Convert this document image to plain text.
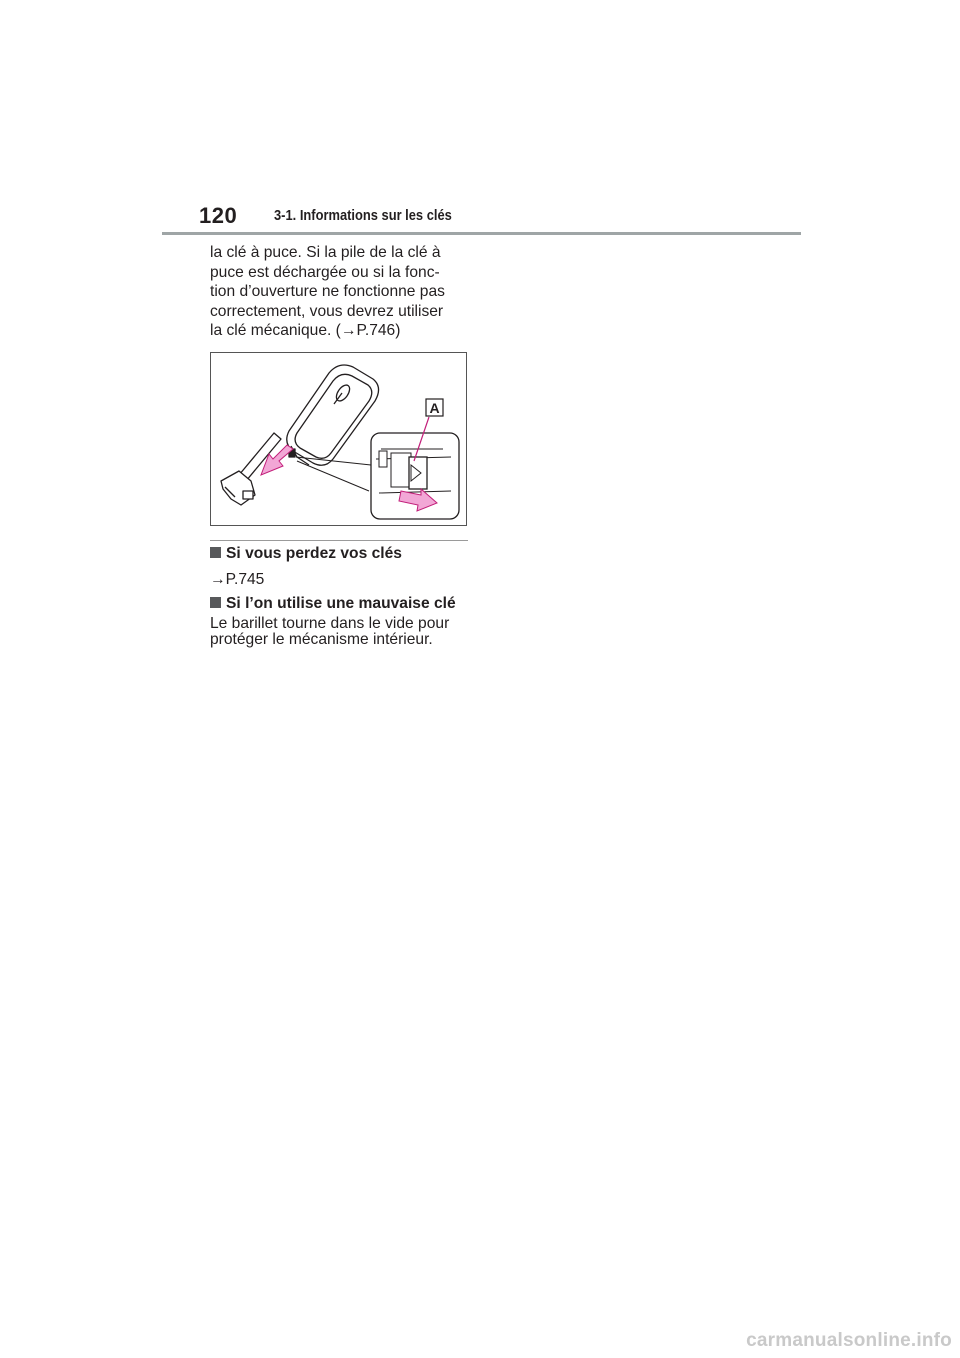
120 3-1. Informations sur les clés

la clé à puce. Si la pile de la clé à
puce est déchargée ou si la fonc-
tion d’ouverture ne fonctionne pas
correctement, vous devrez utiliser
la clé mécanique. (→P.746)

A
Si vous perdez vos clés
→P.745
Si l’on utilise une mauvaise clé

Le barillet tourne dans le vide pour
protéger le mécanisme intérieur.

carmanualsonline.info
